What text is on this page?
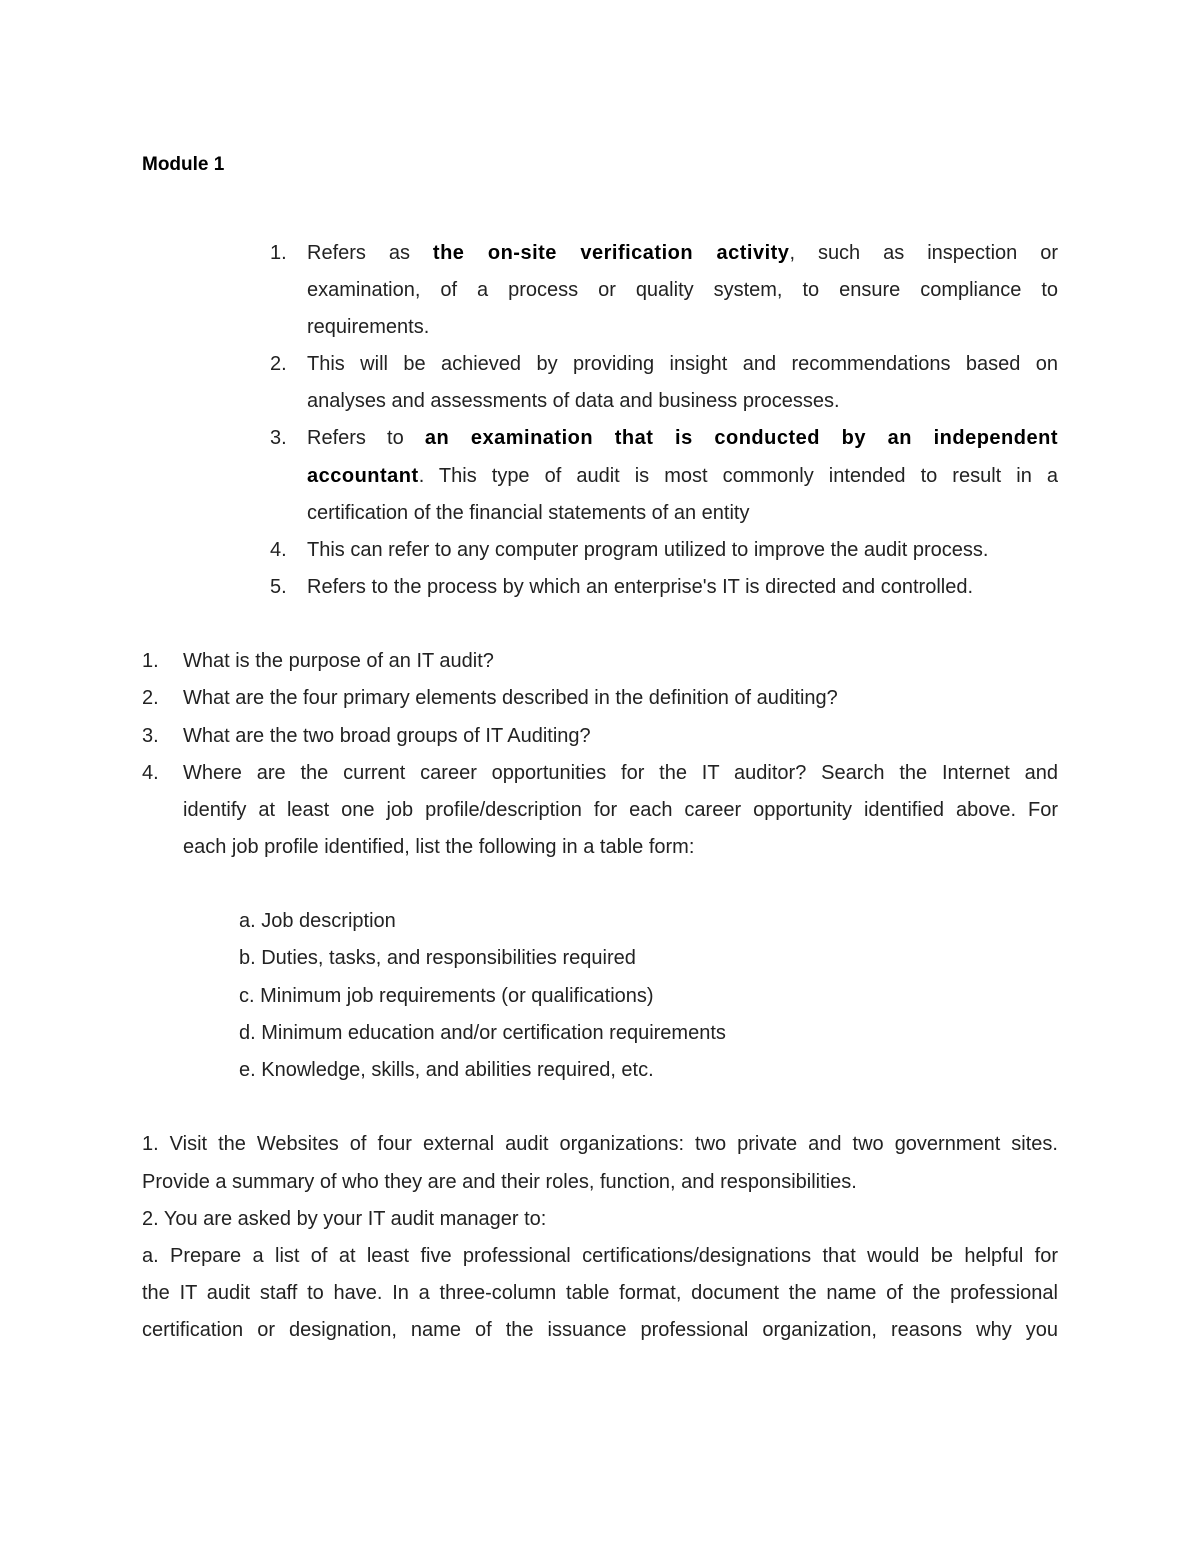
Module 1
1. Refers as the on-site verification activity, such as inspection or
examination, of a process or quality system, to ensure compliance to
requirements.
2. This will be achieved by providing insight and recommendations based on
analyses and assessments of data and business processes.
3. Refers to an examination that is conducted by an independent
accountant. This type of audit is most commonly intended to result in a
certification of the financial statements of an entity
4. This can refer to any computer program utilized to improve the audit process.
5. Refers to the process by which an enterprise's IT is directed and controlled.
1. What is the purpose of an IT audit?
2. What are the four primary elements described in the definition of auditing?
3. What are the two broad groups of IT Auditing?
4. Where are the current career opportunities for the IT auditor? Search the Internet and
identify at least one job profile/description for each career opportunity identified above. For
each job profile identified, list the following in a table form:
a. Job description
b. Duties, tasks, and responsibilities required
c. Minimum job requirements (or qualifications)
d. Minimum education and/or certification requirements
e. Knowledge, skills, and abilities required, etc.
1. Visit the Websites of four external audit organizations: two private and two government sites.
Provide a summary of who they are and their roles, function, and responsibilities.
2. You are asked by your IT audit manager to:
a. Prepare a list of at least five professional certifications/designations that would be helpful for
the IT audit staff to have. In a three-column table format, document the name of the professional
certification or designation, name of the issuance professional organization, reasons why you
